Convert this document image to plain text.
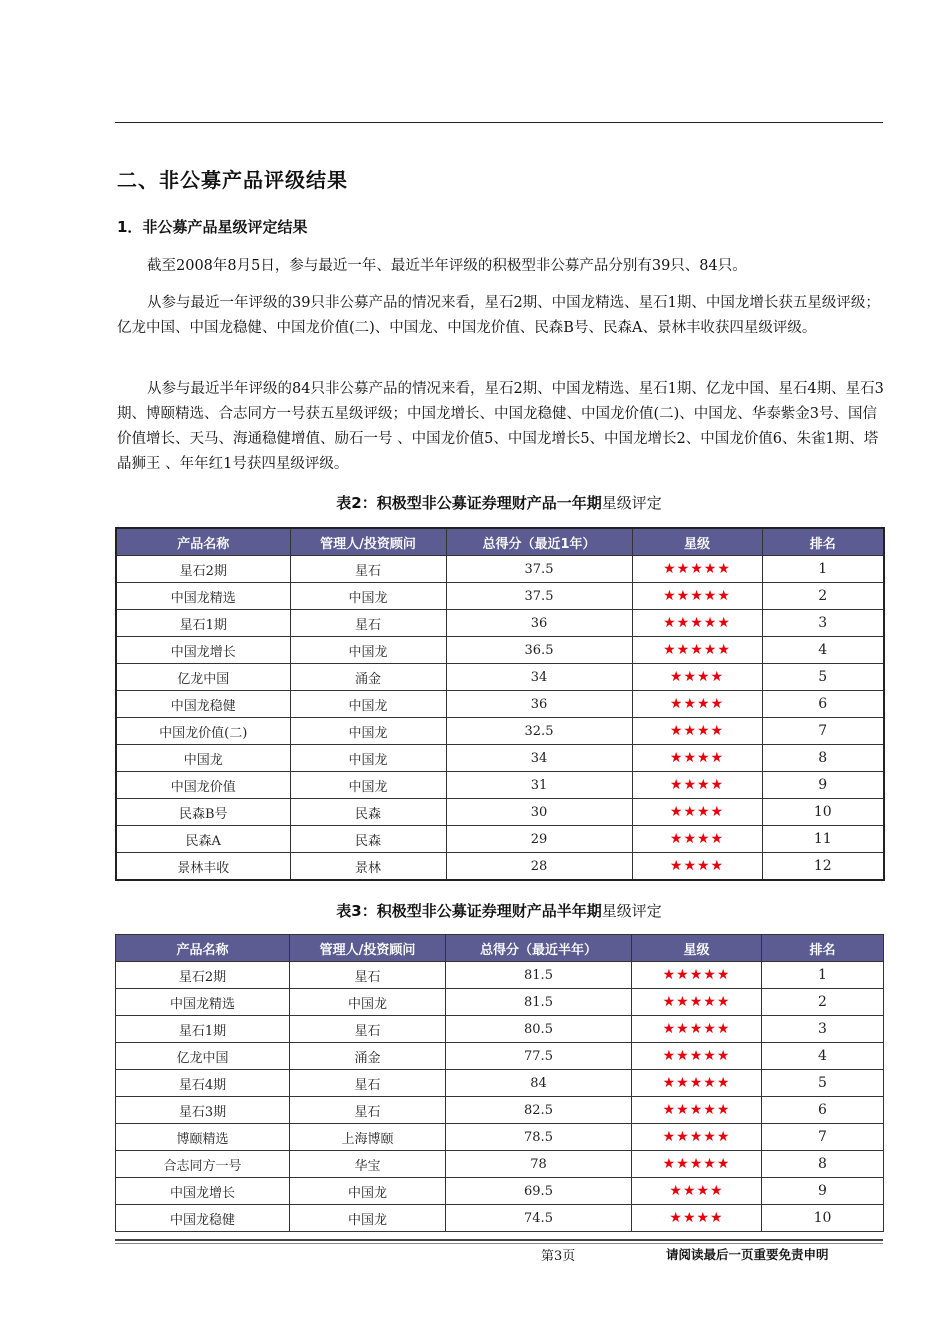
二、非公募产品评级结果
1．非公募产品星级评定结果

截至2008年8月5日，参与最近一年、最近半年评级的积极型非公募产品分别有39只、84只。

从参与最近一年评级的39只非公募产品的情况来看，星石2期、中国龙精选、星石1期、中国龙增长获五星级评级；亿龙中国、中国龙稳健、中国龙价值(二)、中国龙、中国龙价值、民森B号、民森A、景林丰收获四星级评级。

从参与最近半年评级的84只非公募产品的情况来看，星石2期、中国龙精选、星石1期、亿龙中国、星石4期、星石3期、博颐精选、合志同方一号获五星级评级；中国龙增长、中国龙稳健、中国龙价值(二)、中国龙、华泰紫金3号、国信价值增长、天马、海通稳健增值、励石一号 、中国龙价值5、中国龙增长5、中国龙增长2、中国龙价值6、朱雀1期、塔晶狮王 、年年红1号获四星级评级。

表2：积极型非公募证券理财产品一年期星级评定
产品名称	管理人/投资顾问	总得分（最近1年）	星级	排名
星石2期	星石	37.5	★★★★★	1
中国龙精选	中国龙	37.5	★★★★★	2
星石1期	星石	36	★★★★★	3
中国龙增长	中国龙	36.5	★★★★★	4
亿龙中国	涌金	34	★★★★	5
中国龙稳健	中国龙	36	★★★★	6
中国龙价值(二)	中国龙	32.5	★★★★	7
中国龙	中国龙	34	★★★★	8
中国龙价值	中国龙	31	★★★★	9
民森B号	民森	30	★★★★	10
民森A	民森	29	★★★★	11
景林丰收	景林	28	★★★★	12
表3：积极型非公募证券理财产品半年期星级评定
产品名称	管理人/投资顾问	总得分（最近半年）	星级	排名
星石2期	星石	81.5	★★★★★	1
中国龙精选	中国龙	81.5	★★★★★	2
星石1期	星石	80.5	★★★★★	3
亿龙中国	涌金	77.5	★★★★★	4
星石4期	星石	84	★★★★★	5
星石3期	星石	82.5	★★★★★	6
博颐精选	上海博颐	78.5	★★★★★	7
合志同方一号	华宝	78	★★★★★	8
中国龙增长	中国龙	69.5	★★★★	9
中国龙稳健	中国龙	74.5	★★★★	10
第3页	请阅读最后一页重要免责申明
